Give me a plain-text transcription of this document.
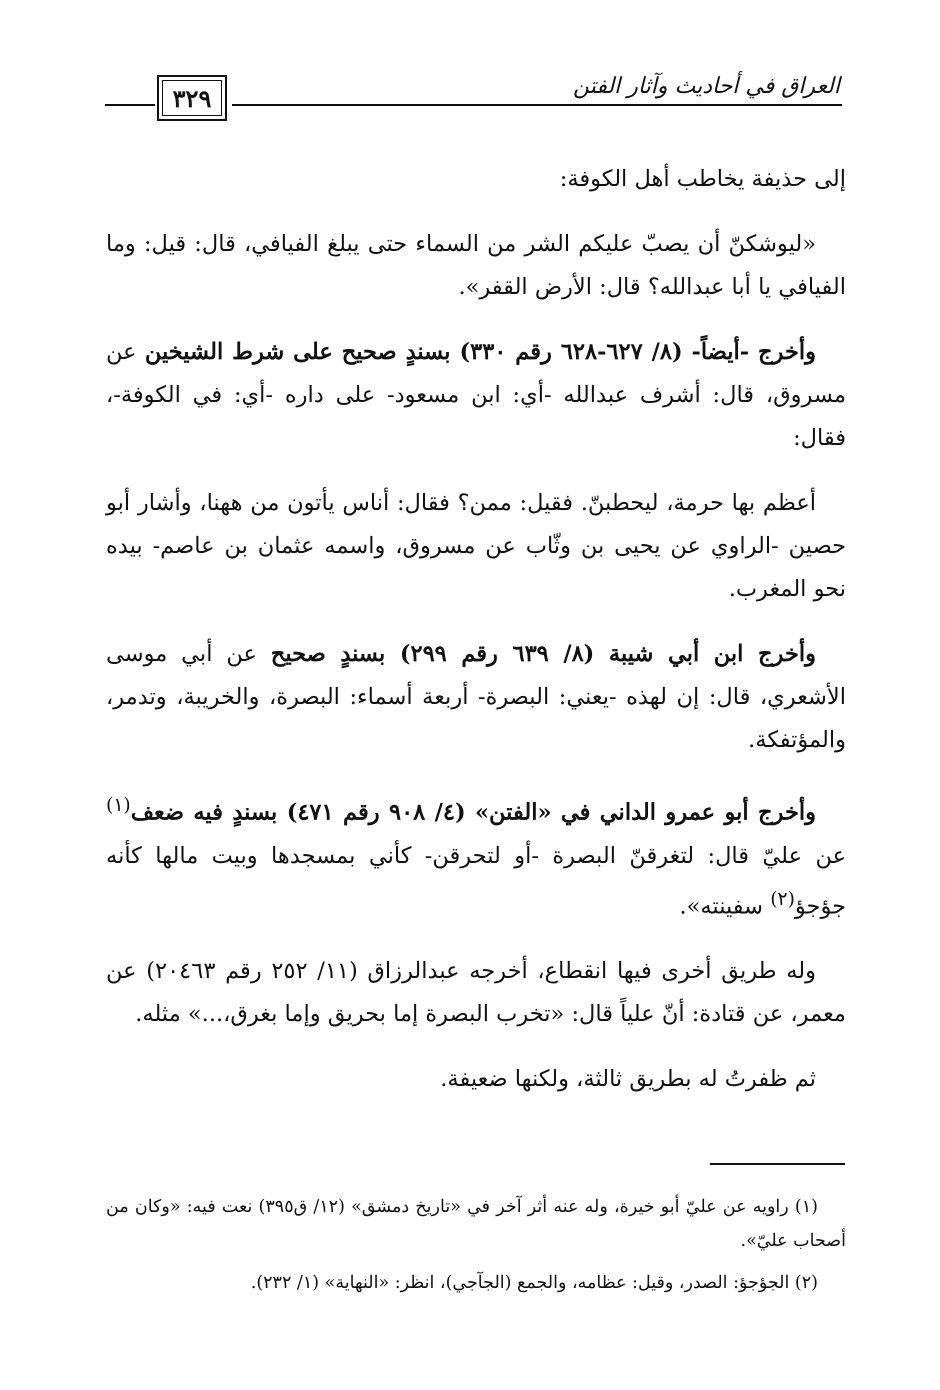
٣٢٩	العراق في أحاديث وآثار الفتن

إلى حذيفة يخاطب أهل الكوفة:

«ليوشكنّ أن يصبّ عليكم الشر من السماء حتى يبلغ الفيافي، قال: قيل: وما الفيافي يا أبا عبدالله؟ قال: الأرض القفر».

وأخرج -أيضاً- (٨/ ٦٢٧-٦٢٨ رقم ٣٣٠) بسندٍ صحيح على شرط الشيخين عن مسروق، قال: أشرف عبدالله -أي: ابن مسعود- على داره -أي: في الكوفة-، فقال:

أعظم بها حرمة، ليحطبنّ. فقيل: ممن؟ فقال: أناس يأتون من ههنا، وأشار أبو حصين -الراوي عن يحيى بن وثّاب عن مسروق، واسمه عثمان بن عاصم- بيده نحو المغرب.

وأخرج ابن أبي شيبة (٨/ ٦٣٩ رقم ٢٩٩) بسندٍ صحيح عن أبي موسى الأشعري، قال: إن لهذه -يعني: البصرة- أربعة أسماء: البصرة، والخريبة، وتدمر، والمؤتفكة.

وأخرج أبو عمرو الداني في «الفتن» (٤/ ٩٠٨ رقم ٤٧١) بسندٍ فيه ضعف$^{(١)}$ عن عليّ قال: لتغرقنّ البصرة -أو لتحرقن- كأني بمسجدها وبيت مالها كأنه جؤجؤ$^{(٢)}$ سفينته».

وله طريق أخرى فيها انقطاع، أخرجه عبدالرزاق (١١/ ٢٥٢ رقم ٢٠٤٦٣) عن معمر، عن قتادة: أنّ علياً قال: «تخرب البصرة إما بحريق وإما بغرق،...» مثله.

ثم ظفرتُ له بطريق ثالثة، ولكنها ضعيفة.

(١) راويه عن عليّ أبو خيرة، وله عنه أثر آخر في «تاريخ دمشق» (١٢/ ق٣٩٥) نعت فيه: «وكان من أصحاب عليّ».

(٢) الجؤجؤ: الصدر، وقيل: عظامه، والجمع (الجآجي)، انظر: «النهاية» (١/ ٢٣٢).
